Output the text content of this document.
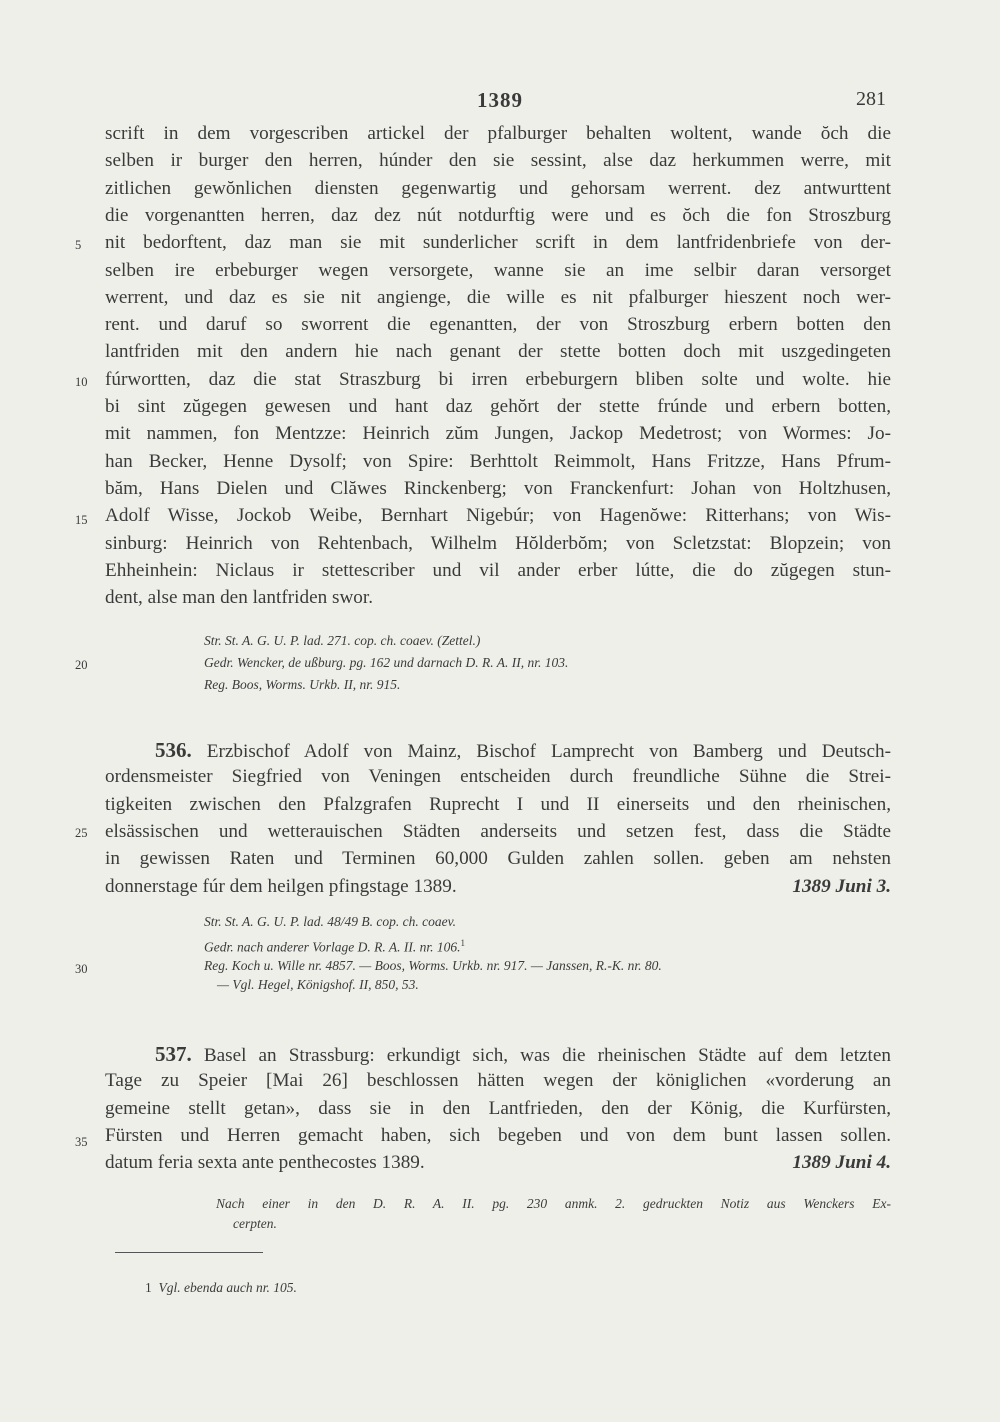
1389	281
5
10
15
20
25
30
35
scrift in dem vorgescriben artickel der pfalburger behalten woltent, wande ŏch die
selben ir burger den herren, húnder den sie sessint, alse daz herkummen werre, mit
zitlichen gewŏnlichen diensten gegenwartig und gehorsam werrent. dez antwurttent
die vorgenantten herren, daz dez nút notdurftig were und es ŏch die fon Stroszburg
nit bedorftent, daz man sie mit sunderlicher scrift in dem lantfridenbriefe von der-
selben ire erbeburger wegen versorgete, wanne sie an ime selbir daran versorget
werrent, und daz es sie nit angienge, die wille es nit pfalburger hieszent noch wer-
rent. und daruf so sworrent die egenantten, der von Stroszburg erbern botten den
lantfriden mit den andern hie nach genant der stette botten doch mit uszgedingeten
fúrwortten, daz die stat Straszburg bi irren erbeburgern bliben solte und wolte. hie
bi sint zŭgegen gewesen und hant daz gehŏrt der stette frúnde und erbern botten,
mit nammen, fon Mentzze: Heinrich zŭm Jungen, Jackop Medetrost; von Wormes: Jo-
han Becker, Henne Dysolf; von Spire: Berhttolt Reimmolt, Hans Fritzze, Hans Pfrum-
băm, Hans Dielen und Clăwes Rinckenberg; von Franckenfurt: Johan von Holtzhusen,
Adolf Wisse, Jockob Weibe, Bernhart Nigebúr; von Hagenŏwe: Ritterhans; von Wis-
sinburg: Heinrich von Rehtenbach, Wilhelm Hŏlderbŏm; von Scletzstat: Blopzein; von
Ehheinhein: Niclaus ir stettescriber und vil ander erber lútte, die do zŭgegen stun-
dent, alse man den lantfriden swor.
Str. St. A. G. U. P. lad. 271. cop. ch. coaev. (Zettel.)
Gedr. Wencker, de ußburg. pg. 162 und darnach D. R. A. II, nr. 103.
Reg. Boos, Worms. Urkb. II, nr. 915.
536. Erzbischof Adolf von Mainz, Bischof Lamprecht von Bamberg und Deutsch-
ordensmeister Siegfried von Veningen entscheiden durch freundliche Sühne die Strei-
tigkeiten zwischen den Pfalzgrafen Ruprecht I und II einerseits und den rheinischen,
elsässischen und wetterauischen Städten anderseits und setzen fest, dass die Städte
in gewissen Raten und Terminen 60,000 Gulden zahlen sollen. geben am nehsten
donnerstage fúr dem heilgen pfingstage 1389.	1389 Juni 3.
Str. St. A. G. U. P. lad. 48/49 B. cop. ch. coaev.
Gedr. nach anderer Vorlage D. R. A. II. nr. 106.$^1$
Reg. Koch u. Wille nr. 4857. — Boos, Worms. Urkb. nr. 917. — Janssen, R.-K. nr. 80.
— Vgl. Hegel, Königshof. II, 850, 53.
537. Basel an Strassburg: erkundigt sich, was die rheinischen Städte auf dem letzten
Tage zu Speier [Mai 26] beschlossen hätten wegen der königlichen «vorderung an
gemeine stellt getan», dass sie in den Lantfrieden, den der König, die Kurfürsten,
Fürsten und Herren gemacht haben, sich begeben und von dem bunt lassen sollen.
datum feria sexta ante penthecostes 1389.	1389 Juni 4.
Nach einer in den D. R. A. II. pg. 230 anmk. 2. gedruckten Notiz aus Wenckers Ex-
cerpten.
1 Vgl. ebenda auch nr. 105.
